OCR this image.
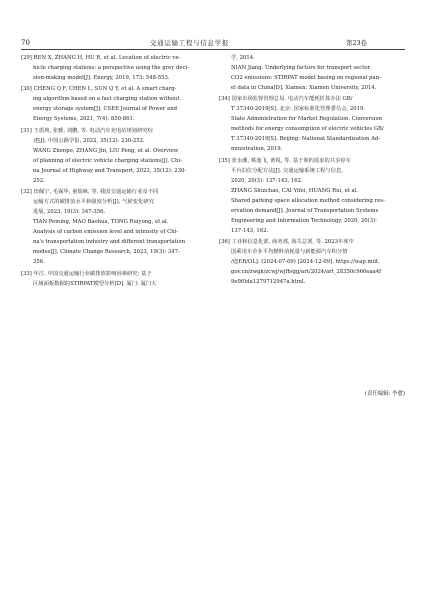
70	交通运输工程与信息学报	第23卷
[29] REN X, ZHANG H, HU R, et al. Location of electric ve-
hicle charging stations: a perspective using the grey deci-
sion-making model[J]. Energy, 2019, 173: 548-553.
[30] CHENG Q F, CHEN L, SUN Q Y, et al. A smart charg-
ing algorithm based on a fast charging station without
energy storage system[J]. CSEE Journal of Power and
Energy Systems, 2021, 7(4): 850-861.
[31] 王震坡, 张雅, 刘鹏, 等. 电动汽车充电站规划研究综
述[J]. 中国公路学报, 2022, 35(12): 230-252.
WANG Zhenpo, ZHANG Jin, LIU Peng, et al. Overview
of planning of electric vehicle charging stations[J]. Chi-
na Journal of Highway and Transport, 2022, 35(12): 230-
252.
[32] 田佩宁, 毛保华, 童瑞咏, 等. 我国交通运输行业及不同
运输方式的碳排放水平和强度分析[J]. 气候变化研究
进展, 2023, 19(3): 347-356.
TIAN Peining, MAO Baohua, TONG Ruiyong, et al.
Analysis of carbon emission level and intensity of Chi-
na's transportation industry and different transportation
modes[J]. Climate Change Research, 2023, 19(3): 347-
356.
[33] 年江. 中国交通运输行业碳排放影响因素研究: 基于
区域面板数据的STIRPAT模型分析[D]. 厦门: 厦门大
学, 2014.
NIAN Jiang. Underlying factors for transport sector
CO2 emissions: STIRPAT model basing on regional pan-
el data in China[D]. Xiamen: Xiamen University, 2014.
[34] 国家市场监督管理总局. 电动汽车能耗折算办法 GB/
T 37340-2019[S]. 北京: 国家标准化管理委员会, 2019.
State Administration for Market Regulation. Conversion
methods for energy consumption of electric vehicles GB/
T 37340-2019[S]. Beijing: National Standardization Ad-
ministration, 2019.
[35] 张水潮, 蔡逸飞, 黄锐, 等. 基于预约需求的共享停车
平台泊位分配方法[J]. 交通运输系统工程与信息,
2020, 20(3): 137-143, 162.
ZHANG Shuichao, CAI Yifei, HUANG Rui, et al.
Shared parking space allocation method considering res-
ervation demand[J]. Journal of Transportation Systems
Engineering and Information Technology, 2020, 20(3):
137-143, 162.
[36] 工业和信息化部, 商务部, 海关总署, 等. 2023年度中
国乘用车企业平均燃料消耗量与新能源汽车积分情
况[EB/OL]. (2024-07-09) [2024-12-09]. https://wap.miit.
gov.cn/zwgk/zcwj/wjfb/gg/art/2024/art_28350c966eaa4f
9e9f0da1279712947a.html.
(责任编辑: 李愈)
